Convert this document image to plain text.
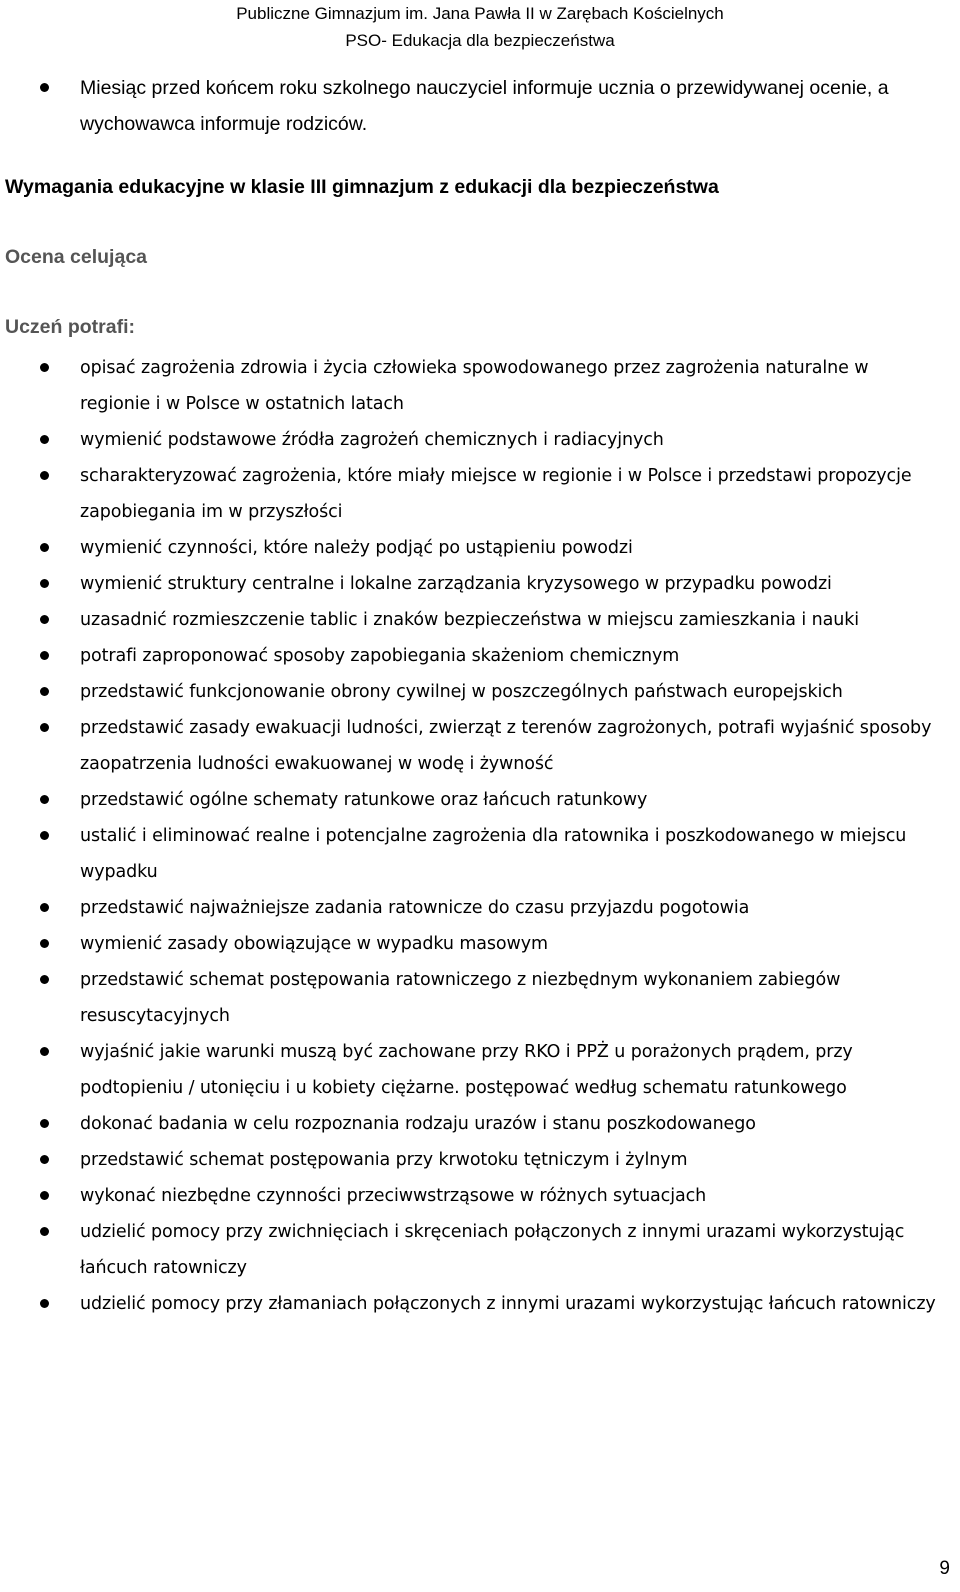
Publiczne Gimnazjum im. Jana Pawła II w Zarębach Kościelnych
PSO- Edukacja dla bezpieczeństwa
Miesiąc przed końcem roku szkolnego nauczyciel informuje ucznia o przewidywanej ocenie, a wychowawca informuje rodziców.
Wymagania edukacyjne w klasie III gimnazjum z edukacji dla bezpieczeństwa
Ocena celująca
Uczeń potrafi:
opisać zagrożenia zdrowia i życia człowieka spowodowanego przez zagrożenia naturalne w regionie i w Polsce w ostatnich latach
wymienić podstawowe źródła zagrożeń chemicznych i radiacyjnych
scharakteryzować zagrożenia, które miały miejsce w regionie i w Polsce i przedstawi propozycje zapobiegania im w przyszłości
wymienić czynności, które należy podjąć po ustąpieniu powodzi
wymienić struktury centralne i lokalne zarządzania kryzysowego w przypadku powodzi
uzasadnić rozmieszczenie tablic i znaków bezpieczeństwa w miejscu zamieszkania i nauki
potrafi zaproponować sposoby zapobiegania skażeniom chemicznym
przedstawić funkcjonowanie obrony cywilnej w poszczególnych państwach europejskich
przedstawić zasady ewakuacji ludności, zwierząt z terenów zagrożonych, potrafi wyjaśnić sposoby zaopatrzenia ludności ewakuowanej w wodę i żywność
przedstawić ogólne schematy ratunkowe oraz łańcuch ratunkowy
ustalić i eliminować realne i potencjalne zagrożenia dla ratownika i poszkodowanego w miejscu wypadku
przedstawić najważniejsze zadania ratownicze do czasu przyjazdu pogotowia
wymienić zasady obowiązujące w wypadku masowym
przedstawić schemat postępowania ratowniczego z niezbędnym wykonaniem zabiegów resuscytacyjnych
wyjaśnić jakie warunki muszą być zachowane przy RKO i PPŻ u porażonych prądem, przy podtopieniu / utonięciu i u kobiety ciężarne. postępować według schematu ratunkowego
dokonać badania w celu rozpoznania rodzaju urazów i stanu poszkodowanego
przedstawić schemat postępowania przy krwotoku tętniczym i żylnym
wykonać niezbędne czynności przeciwwstrząsowe w różnych sytuacjach
udzielić pomocy przy zwichnięciach i skręceniach połączonych z innymi urazami wykorzystując łańcuch ratowniczy
udzielić pomocy przy złamaniach połączonych z innymi urazami wykorzystując łańcuch ratowniczy
9
